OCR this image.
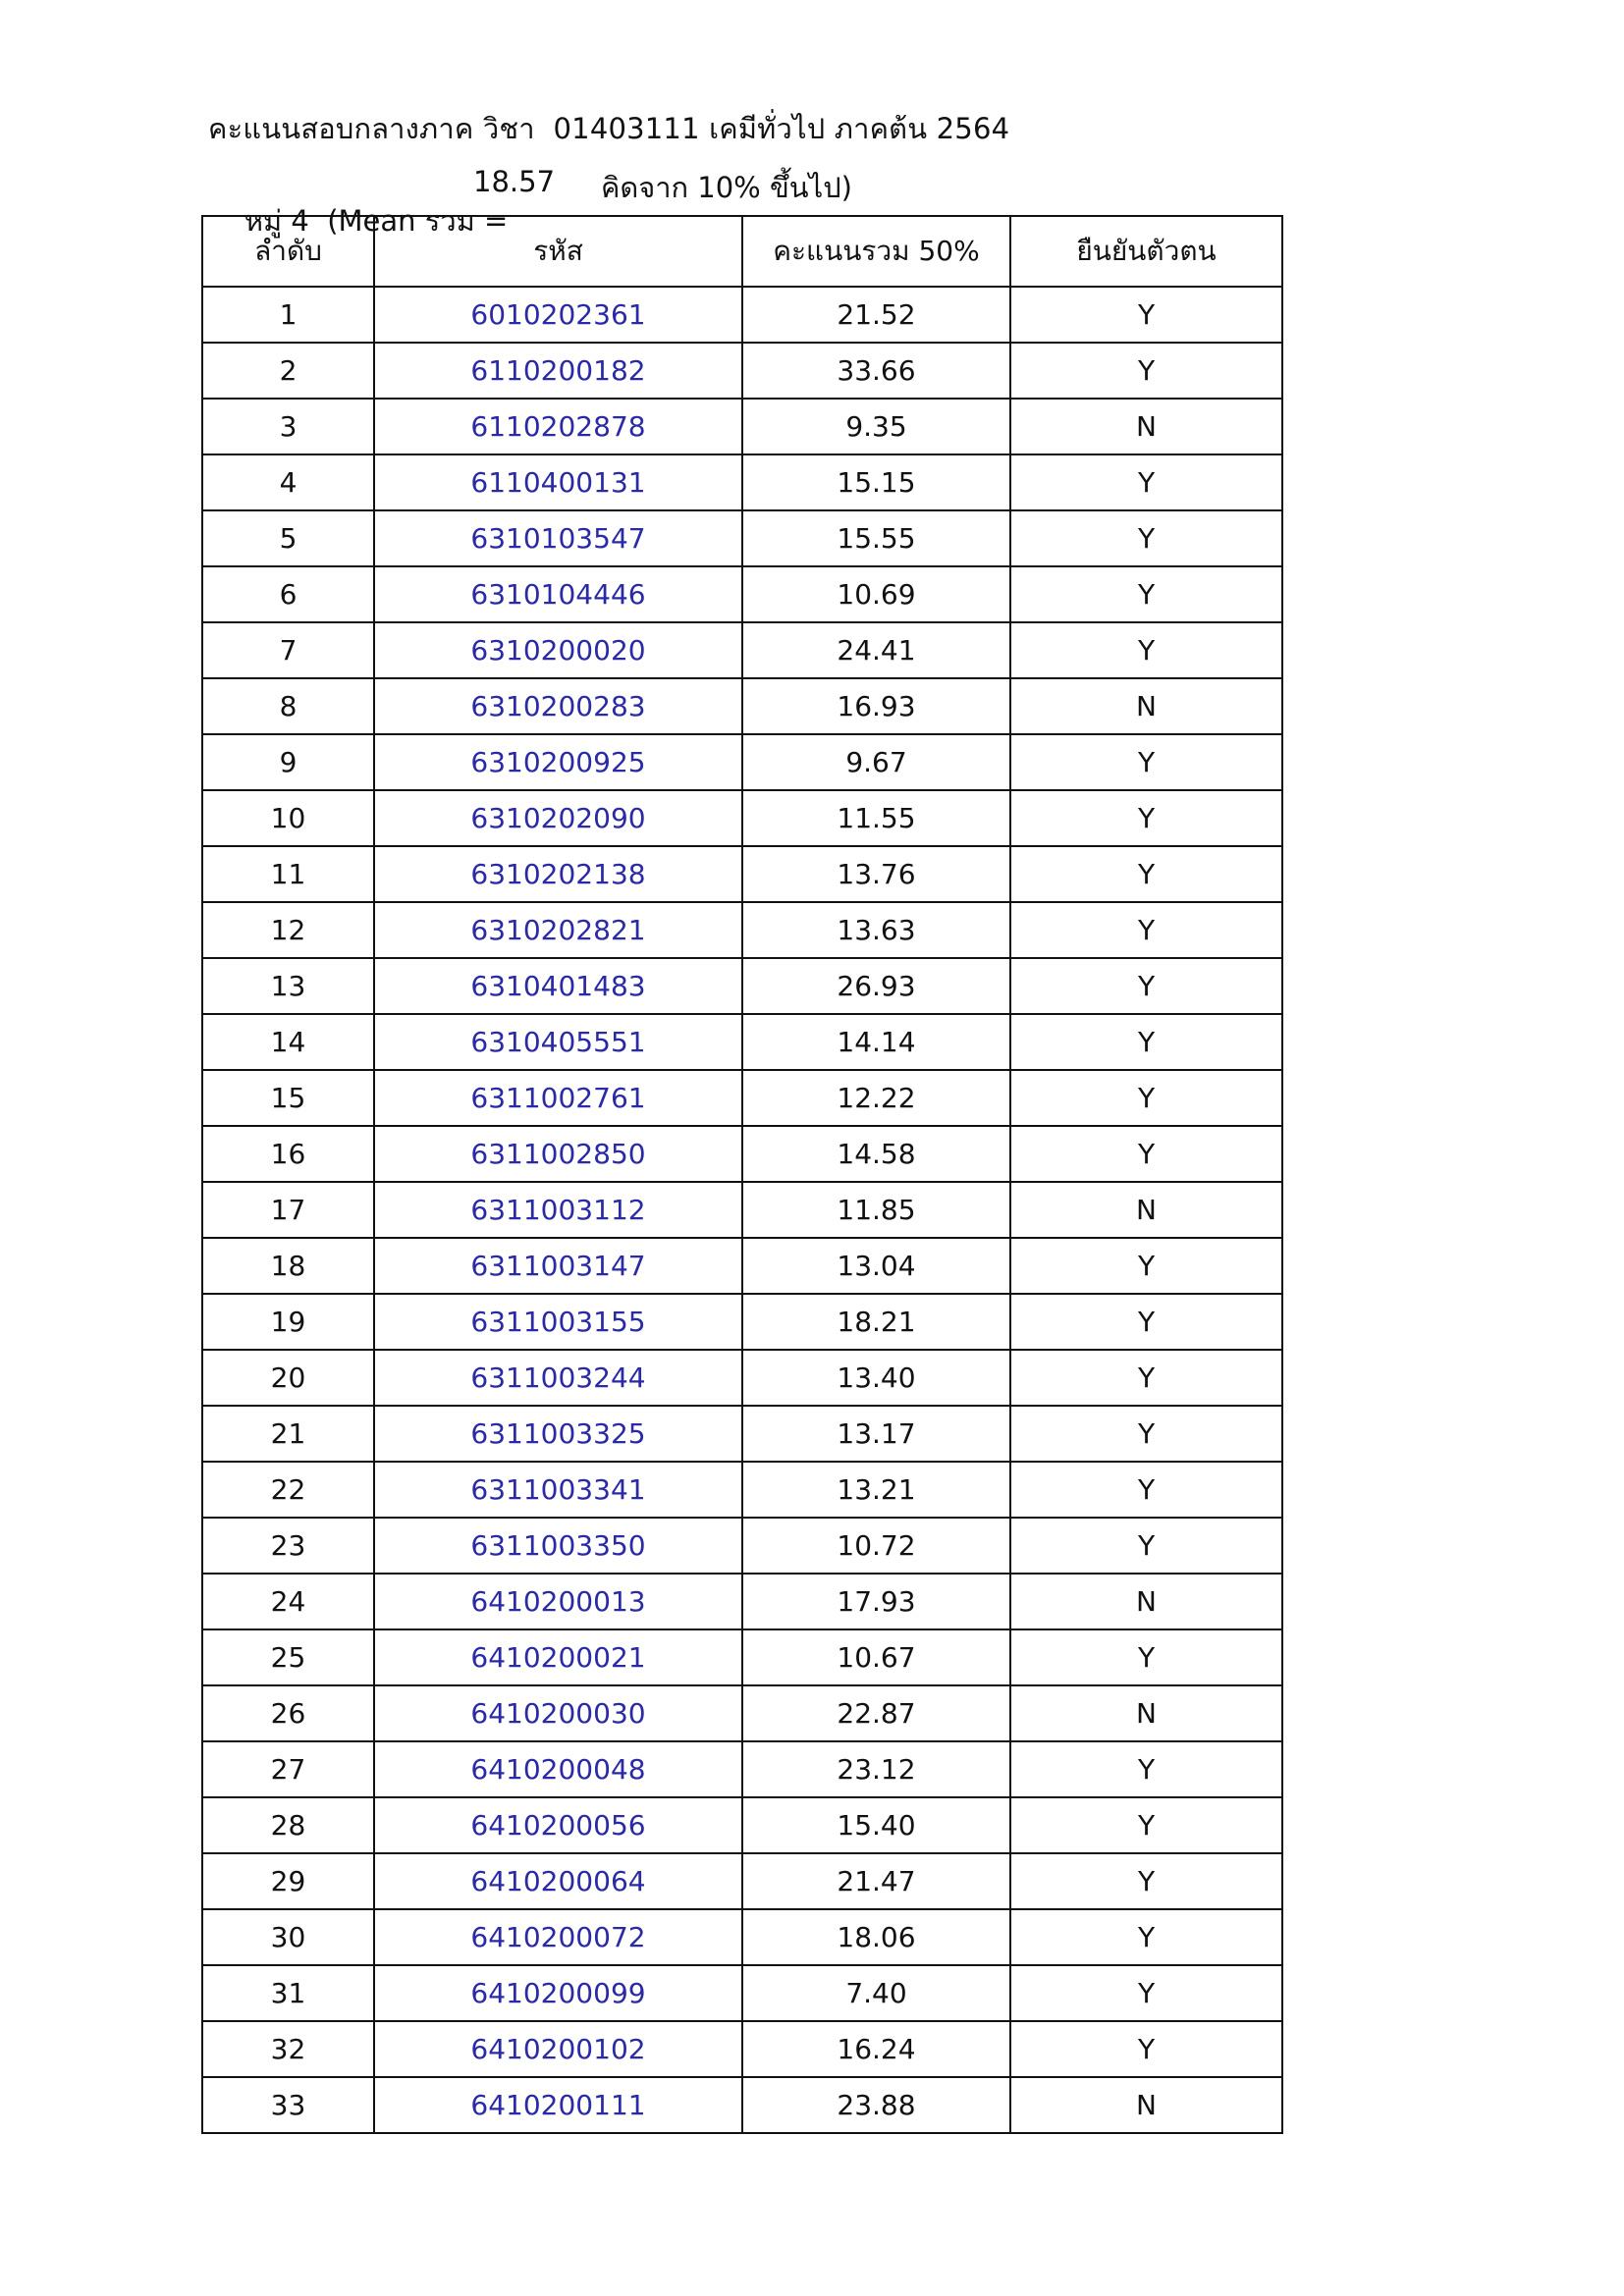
คะแนนสอบกลางภาค วิชา  01403111 เคมีทั่วไป ภาคต้น 2564

หมู่ 4  (Mean รวม =

18.57

คิดจาก 10% ขึ้นไป)

ลำดับ	รหัส	คะแนนรวม 50%	ยืนยันตัวตน
1	6010202361	21.52	Y
2	6110200182	33.66	Y
3	6110202878	9.35	N
4	6110400131	15.15	Y
5	6310103547	15.55	Y
6	6310104446	10.69	Y
7	6310200020	24.41	Y
8	6310200283	16.93	N
9	6310200925	9.67	Y
10	6310202090	11.55	Y
11	6310202138	13.76	Y
12	6310202821	13.63	Y
13	6310401483	26.93	Y
14	6310405551	14.14	Y
15	6311002761	12.22	Y
16	6311002850	14.58	Y
17	6311003112	11.85	N
18	6311003147	13.04	Y
19	6311003155	18.21	Y
20	6311003244	13.40	Y
21	6311003325	13.17	Y
22	6311003341	13.21	Y
23	6311003350	10.72	Y
24	6410200013	17.93	N
25	6410200021	10.67	Y
26	6410200030	22.87	N
27	6410200048	23.12	Y
28	6410200056	15.40	Y
29	6410200064	21.47	Y
30	6410200072	18.06	Y
31	6410200099	7.40	Y
32	6410200102	16.24	Y
33	6410200111	23.88	N
